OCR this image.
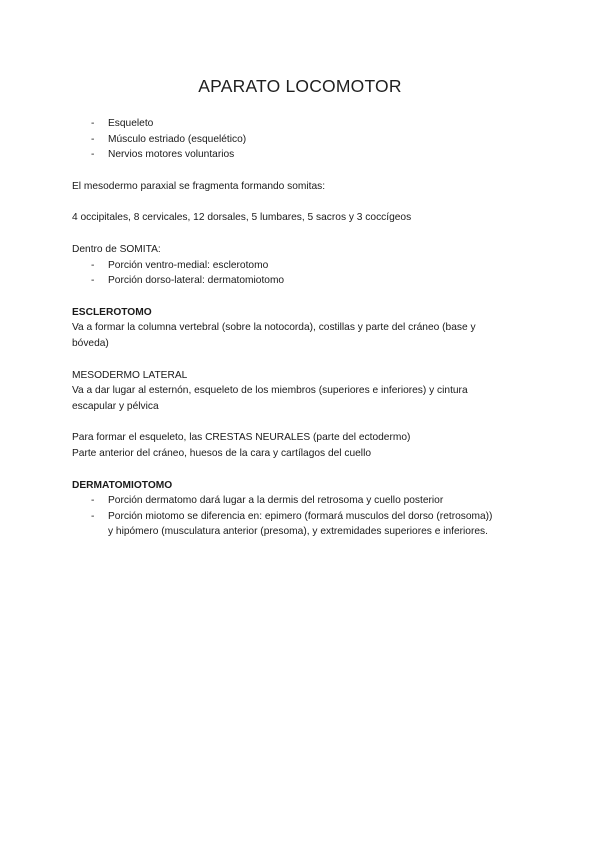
APARATO LOCOMOTOR
- Esqueleto
- Músculo estriado (esquelético)
- Nervios motores voluntarios

El mesodermo paraxial se fragmenta formando somitas:

4 occipitales, 8 cervicales, 12 dorsales, 5 lumbares, 5 sacros y 3 coccígeos

Dentro de SOMITA:

- Porción ventro-medial: esclerotomo
- Porción dorso-lateral: dermatomiotomo

ESCLEROTOMO

Va a formar la columna vertebral (sobre la notocorda), costillas y parte del cráneo (base y

bóveda)

MESODERMO LATERAL

Va a dar lugar al esternón, esqueleto de los miembros (superiores e inferiores) y cintura

escapular y pélvica

Para formar el esqueleto, las CRESTAS NEURALES (parte del ectodermo)

Parte anterior del cráneo, huesos de la cara y cartílagos del cuello

DERMATOMIOTOMO

- Porción dermatomo dará lugar a la dermis del retrosoma y cuello posterior
- Porción miotomo se diferencia en: epimero (formará musculos del dorso (retrosoma))
y hipómero (musculatura anterior (presoma), y extremidades superiores e inferiores.
